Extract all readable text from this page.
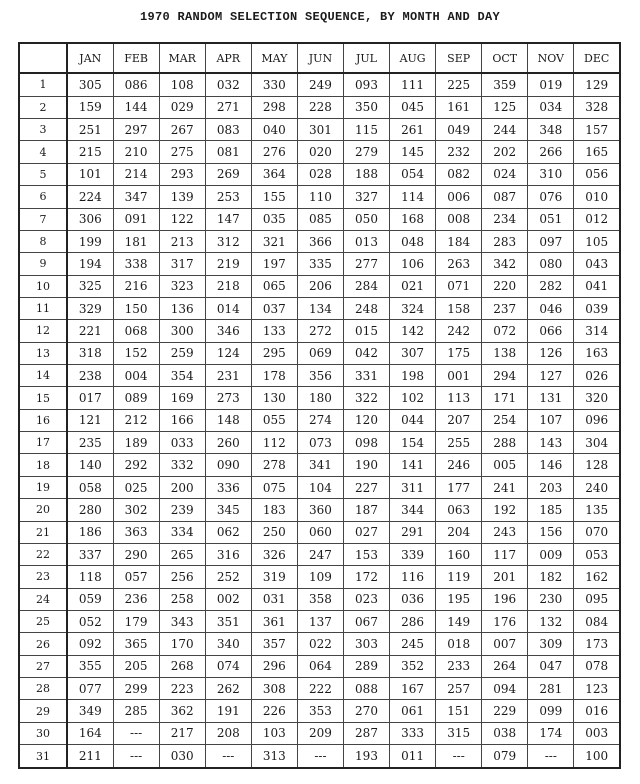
1970 RANDOM SELECTION SEQUENCE, BY MONTH AND DAY
	JAN	FEB	MAR	APR	MAY	JUN	JUL	AUG	SEP	OCT	NOV	DEC
1	305	086	108	032	330	249	093	111	225	359	019	129
2	159	144	029	271	298	228	350	045	161	125	034	328
3	251	297	267	083	040	301	115	261	049	244	348	157
4	215	210	275	081	276	020	279	145	232	202	266	165
5	101	214	293	269	364	028	188	054	082	024	310	056
6	224	347	139	253	155	110	327	114	006	087	076	010
7	306	091	122	147	035	085	050	168	008	234	051	012
8	199	181	213	312	321	366	013	048	184	283	097	105
9	194	338	317	219	197	335	277	106	263	342	080	043
10	325	216	323	218	065	206	284	021	071	220	282	041
11	329	150	136	014	037	134	248	324	158	237	046	039
12	221	068	300	346	133	272	015	142	242	072	066	314
13	318	152	259	124	295	069	042	307	175	138	126	163
14	238	004	354	231	178	356	331	198	001	294	127	026
15	017	089	169	273	130	180	322	102	113	171	131	320
16	121	212	166	148	055	274	120	044	207	254	107	096
17	235	189	033	260	112	073	098	154	255	288	143	304
18	140	292	332	090	278	341	190	141	246	005	146	128
19	058	025	200	336	075	104	227	311	177	241	203	240
20	280	302	239	345	183	360	187	344	063	192	185	135
21	186	363	334	062	250	060	027	291	204	243	156	070
22	337	290	265	316	326	247	153	339	160	117	009	053
23	118	057	256	252	319	109	172	116	119	201	182	162
24	059	236	258	002	031	358	023	036	195	196	230	095
25	052	179	343	351	361	137	067	286	149	176	132	084
26	092	365	170	340	357	022	303	245	018	007	309	173
27	355	205	268	074	296	064	289	352	233	264	047	078
28	077	299	223	262	308	222	088	167	257	094	281	123
29	349	285	362	191	226	353	270	061	151	229	099	016
30	164	---	217	208	103	209	287	333	315	038	174	003
31	211	---	030	---	313	---	193	011	---	079	---	100
